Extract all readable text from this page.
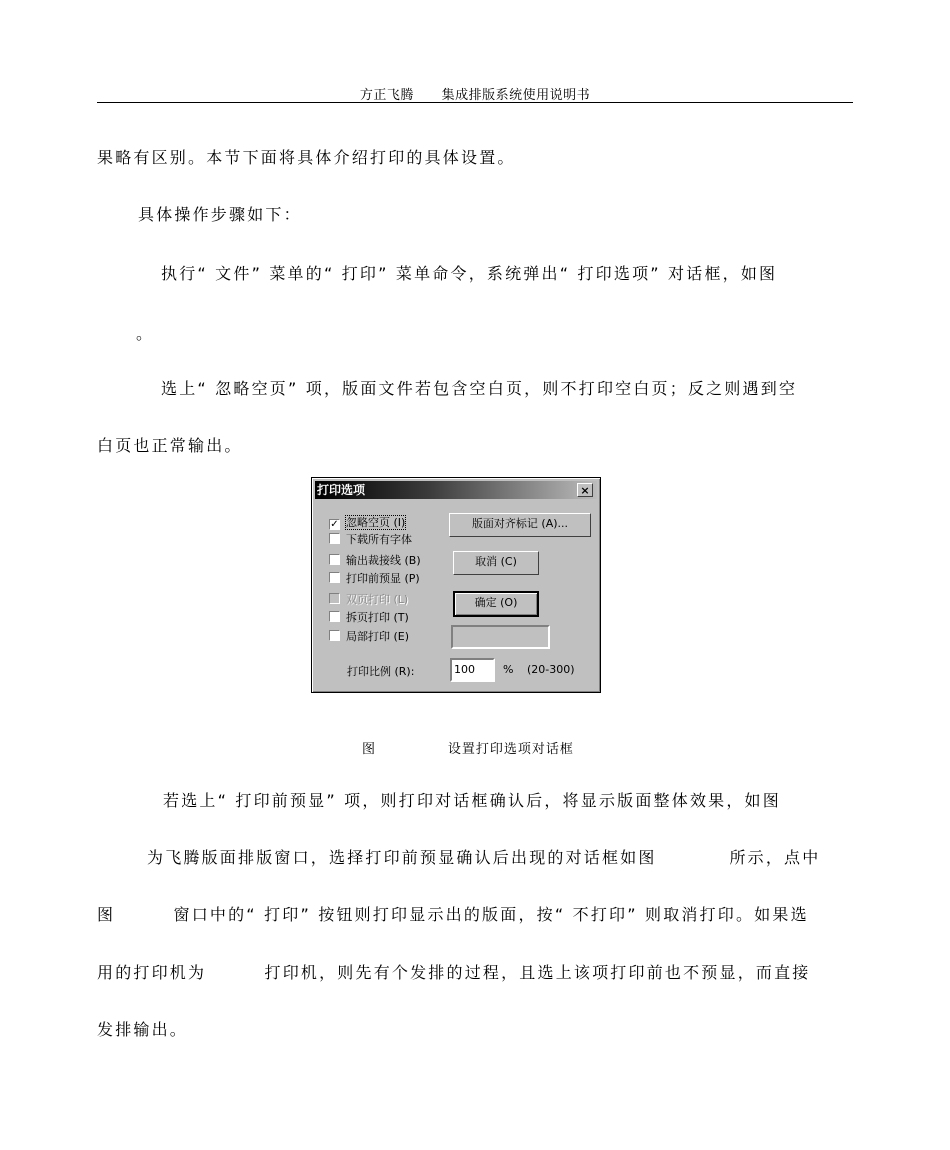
方正飞腾      集成排版系统使用说明书
果略有区别。本节下面将具体介绍打印的具体设置。
具体操作步骤如下：
执行“ 文件” 菜单的“ 打印” 菜单命令，系统弹出“ 打印选项” 对话框，如图
。
选上“ 忽略空页” 项，版面文件若包含空白页，则不打印空白页；反之则遇到空
白页也正常输出。
打印选项	×
✓ 忽略空页 (I)
下载所有字体
输出裁接线 (B)
打印前预显 (P)
双页打印 (L)
拆页打印 (T)
局部打印 (E)
版面对齐标记 (A)...
取消 (C)
确定 (O)
打印比例 (R):	100	% (20-300)
图              设置打印选项对话框
若选上“ 打印前预显” 项，则打印对话框确认后，将显示版面整体效果，如图
为飞腾版面排版窗口，选择打印前预显确认后出现的对话框如图          所示，点中
图        窗口中的“ 打印” 按钮则打印显示出的版面，按“ 不打印” 则取消打印。如果选
用的打印机为        打印机，则先有个发排的过程，且选上该项打印前也不预显，而直接
发排输出。
